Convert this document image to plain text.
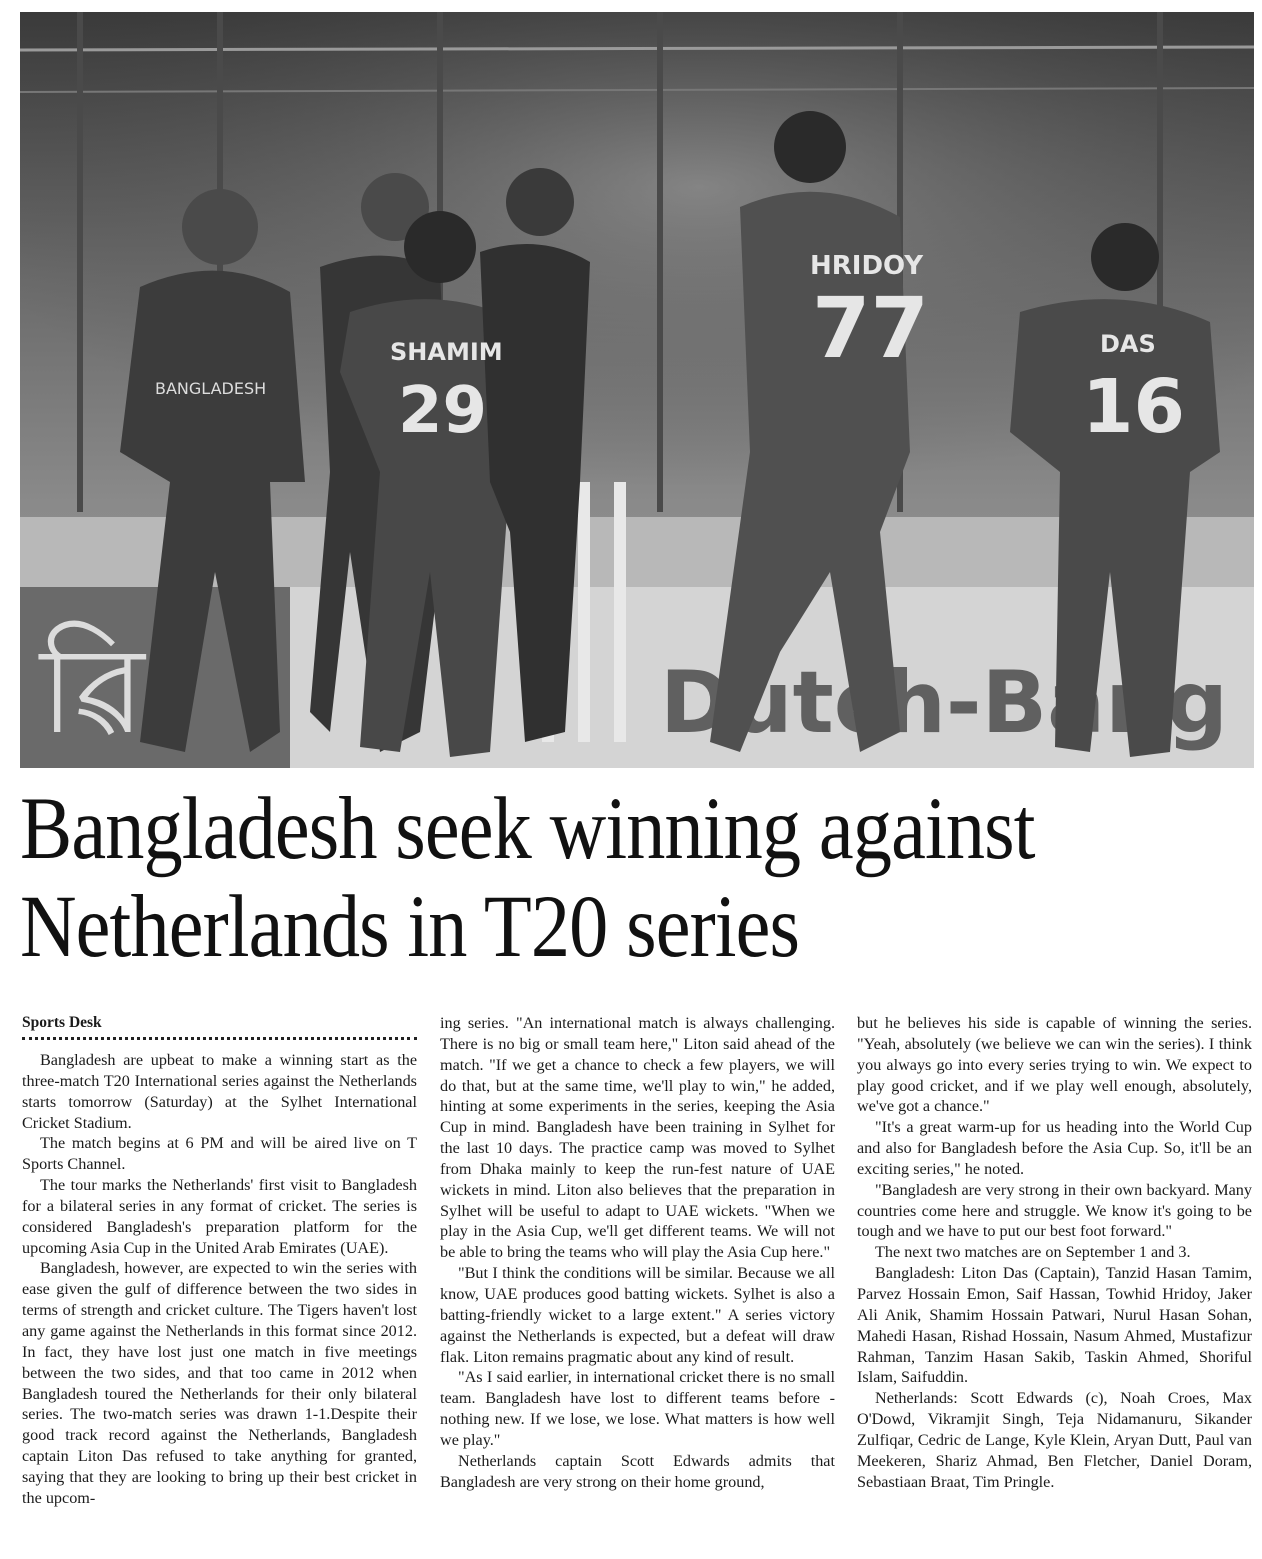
ৱি	Dutch-Bang
BANGLADESH
SHAMIM
29
HRIDOY
77	DAS
16
Bangladesh seek winning against
Netherlands in T20 series
Sports Desk

Bangladesh are upbeat to make a winning start as the three-match T20 International series against the Netherlands starts tomorrow (Saturday) at the Sylhet International Cricket Stadium.

The match begins at 6 PM and will be aired live on T Sports Channel.

The tour marks the Netherlands' first visit to Bangladesh for a bilateral series in any format of cricket. The series is considered Bangladesh's preparation platform for the upcoming Asia Cup in the United Arab Emirates (UAE).

Bangladesh, however, are expected to win the series with ease given the gulf of difference between the two sides in terms of strength and cricket culture. The Tigers haven't lost any game against the Netherlands in this format since 2012. In fact, they have lost just one match in five meetings between the two sides, and that too came in 2012 when Bangladesh toured the Netherlands for their only bilateral series. The two-match series was drawn 1-1.Despite their good track record against the Netherlands, Bangladesh captain Liton Das refused to take anything for granted, saying that they are looking to bring up their best cricket in the upcom-

ing series. "An international match is always challenging. There is no big or small team here," Liton said ahead of the match. "If we get a chance to check a few players, we will do that, but at the same time, we'll play to win," he added, hinting at some experiments in the series, keeping the Asia Cup in mind. Bangladesh have been training in Sylhet for the last 10 days. The practice camp was moved to Sylhet from Dhaka mainly to keep the run-fest nature of UAE wickets in mind. Liton also believes that the preparation in Sylhet will be useful to adapt to UAE wickets. "When we play in the Asia Cup, we'll get different teams. We will not be able to bring the teams who will play the Asia Cup here."

"But I think the conditions will be similar. Because we all know, UAE produces good batting wickets. Sylhet is also a batting-friendly wicket to a large extent." A series victory against the Netherlands is expected, but a defeat will draw flak. Liton remains pragmatic about any kind of result.

"As I said earlier, in international cricket there is no small team. Bangladesh have lost to different teams before - nothing new. If we lose, we lose. What matters is how well we play."

Netherlands captain Scott Edwards admits that Bangladesh are very strong on their home ground,

but he believes his side is capable of winning the series. "Yeah, absolutely (we believe we can win the series). I think you always go into every series trying to win. We expect to play good cricket, and if we play well enough, absolutely, we've got a chance."

"It's a great warm-up for us heading into the World Cup and also for Bangladesh before the Asia Cup. So, it'll be an exciting series," he noted.

"Bangladesh are very strong in their own backyard. Many countries come here and struggle. We know it's going to be tough and we have to put our best foot forward."

The next two matches are on September 1 and 3.

Bangladesh: Liton Das (Captain), Tanzid Hasan Tamim, Parvez Hossain Emon, Saif Hassan, Towhid Hridoy, Jaker Ali Anik, Shamim Hossain Patwari, Nurul Hasan Sohan, Mahedi Hasan, Rishad Hossain, Nasum Ahmed, Mustafizur Rahman, Tanzim Hasan Sakib, Taskin Ahmed, Shoriful Islam, Saifuddin.

Netherlands: Scott Edwards (c), Noah Croes, Max O'Dowd, Vikramjit Singh, Teja Nidamanuru, Sikander Zulfiqar, Cedric de Lange, Kyle Klein, Aryan Dutt, Paul van Meekeren, Shariz Ahmad, Ben Fletcher, Daniel Doram, Sebastiaan Braat, Tim Pringle.
